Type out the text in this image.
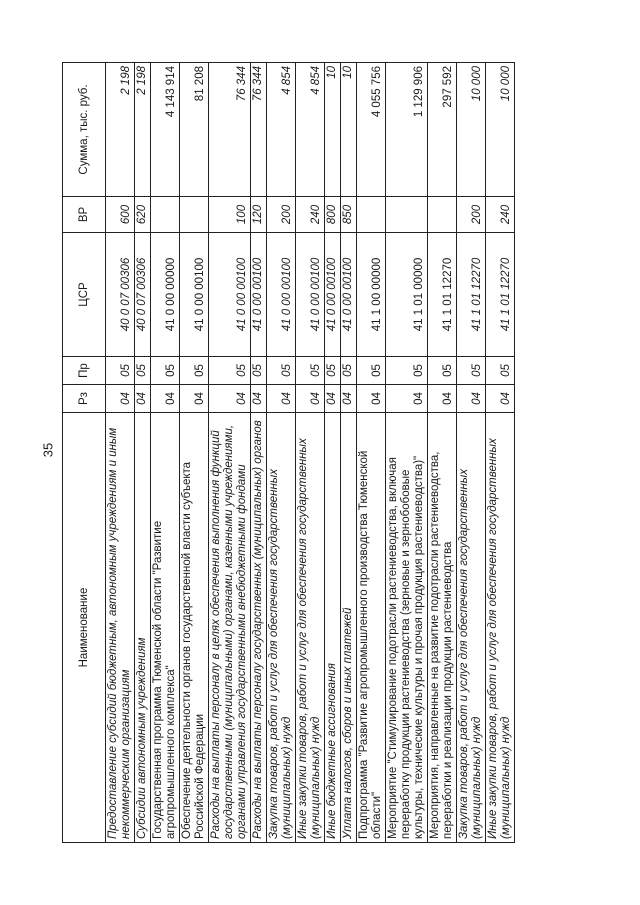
35
Наименование	Рз	Пр	ЦСР	ВР	Сумма, тыс. руб.
Предоставление субсидий бюджетным, автономным учреждениям и иным некоммерческим организациям	04	05	40 0 07 00306	600	2 198
Субсидии автономным учреждениям	04	05	40 0 07 00306	620	2 198
Государственная программа Тюменской области "Развитие агропромышленного комплекса"	04	05	41 0 00 00000		4 143 914
Обеспечение деятельности органов государственной власти субъекта Российской Федерации	04	05	41 0 00 00100		81 208
Расходы на выплаты персоналу в целях обеспечения выполнения функций государственными (муниципальными) органами, казенными учреждениями, органами управления государственными внебюджетными фондами	04	05	41 0 00 00100	100	76 344
Расходы на выплаты персоналу государственных (муниципальных) органов	04	05	41 0 00 00100	120	76 344
Закупка товаров, работ и услуг для обеспечения государственных (муниципальных) нужд	04	05	41 0 00 00100	200	4 854
Иные закупки товаров, работ и услуг для обеспечения государственных (муниципальных) нужд	04	05	41 0 00 00100	240	4 854
Иные бюджетные ассигнования	04	05	41 0 00 00100	800	10
Уплата налогов, сборов и иных платежей	04	05	41 0 00 00100	850	10
Подпрограмма "Развитие агропромышленного производства Тюменской области"	04	05	41 1 00 00000		4 055 756
Мероприятие "Стимулирование подотрасли растениеводства, включая переработку продукции растениеводства (зерновые и зернобобовые культуры, технические культуры и прочая продукция растениеводства)"	04	05	41 1 01 00000		1 129 906
Мероприятия, направленные на развитие подотрасли растениеводства, переработки и реализации продукции растениеводства	04	05	41 1 01 12270		297 592
Закупка товаров, работ и услуг для обеспечения государственных (муниципальных) нужд	04	05	41 1 01 12270	200	10 000
Иные закупки товаров, работ и услуг для обеспечения государственных (муниципальных) нужд	04	05	41 1 01 12270	240	10 000
